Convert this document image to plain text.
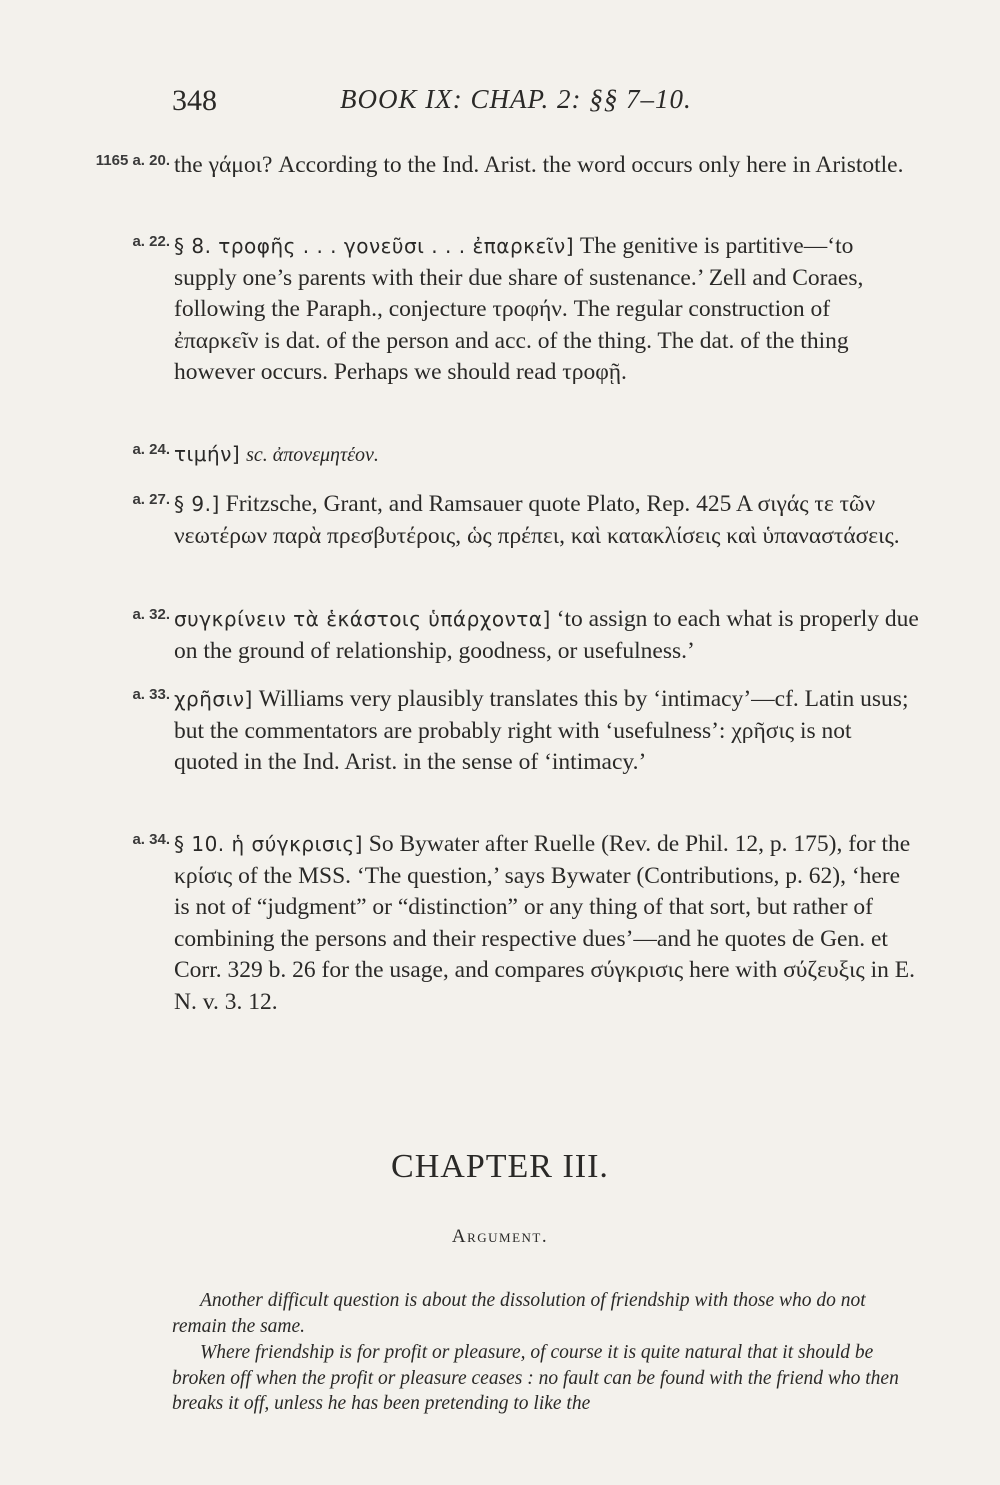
348	BOOK IX: CHAP. 2: §§ 7–10.
1165 a. 20. the γάμοι? According to the Ind. Arist. the word occurs only here in Aristotle.
a. 22. § 8. τροφῆς . . . γονεῦσι . . . ἐπαρκεῖν] The genitive is partitive—‘to supply one’s parents with their due share of sustenance.’ Zell and Coraes, following the Paraph., conjecture τροφήν. The regular construction of ἐπαρκεῖν is dat. of the person and acc. of the thing. The dat. of the thing however occurs. Perhaps we should read τροφῇ.
a. 24. τιμήν] sc. ἀπονεμητέον.
a. 27. § 9.] Fritzsche, Grant, and Ramsauer quote Plato, Rep. 425 A σιγάς τε τῶν νεωτέρων παρὰ πρεσβυτέροις, ὡς πρέπει, καὶ κατακλίσεις καὶ ὑπαναστάσεις.
a. 32. συγκρίνειν τὰ ἑκάστοις ὑπάρχοντα] ‘to assign to each what is properly due on the ground of relationship, goodness, or usefulness.’
a. 33. χρῆσιν] Williams very plausibly translates this by ‘intimacy’—cf. Latin usus; but the commentators are probably right with ‘usefulness’: χρῆσις is not quoted in the Ind. Arist. in the sense of ‘intimacy.’
a. 34. § 10. ἡ σύγκρισις] So Bywater after Ruelle (Rev. de Phil. 12, p. 175), for the κρίσις of the MSS. ‘The question,’ says Bywater (Contributions, p. 62), ‘here is not of “judgment” or “distinction” or any thing of that sort, but rather of combining the persons and their respective dues’—and he quotes de Gen. et Corr. 329 b. 26 for the usage, and compares σύγκρισις here with σύζευξις in E. N. v. 3. 12.
CHAPTER III.
Argument.

Another difficult question is about the dissolution of friendship with those who do not remain the same.

Where friendship is for profit or pleasure, of course it is quite natural that it should be broken off when the profit or pleasure ceases : no fault can be found with the friend who then breaks it off, unless he has been pretending to like the
